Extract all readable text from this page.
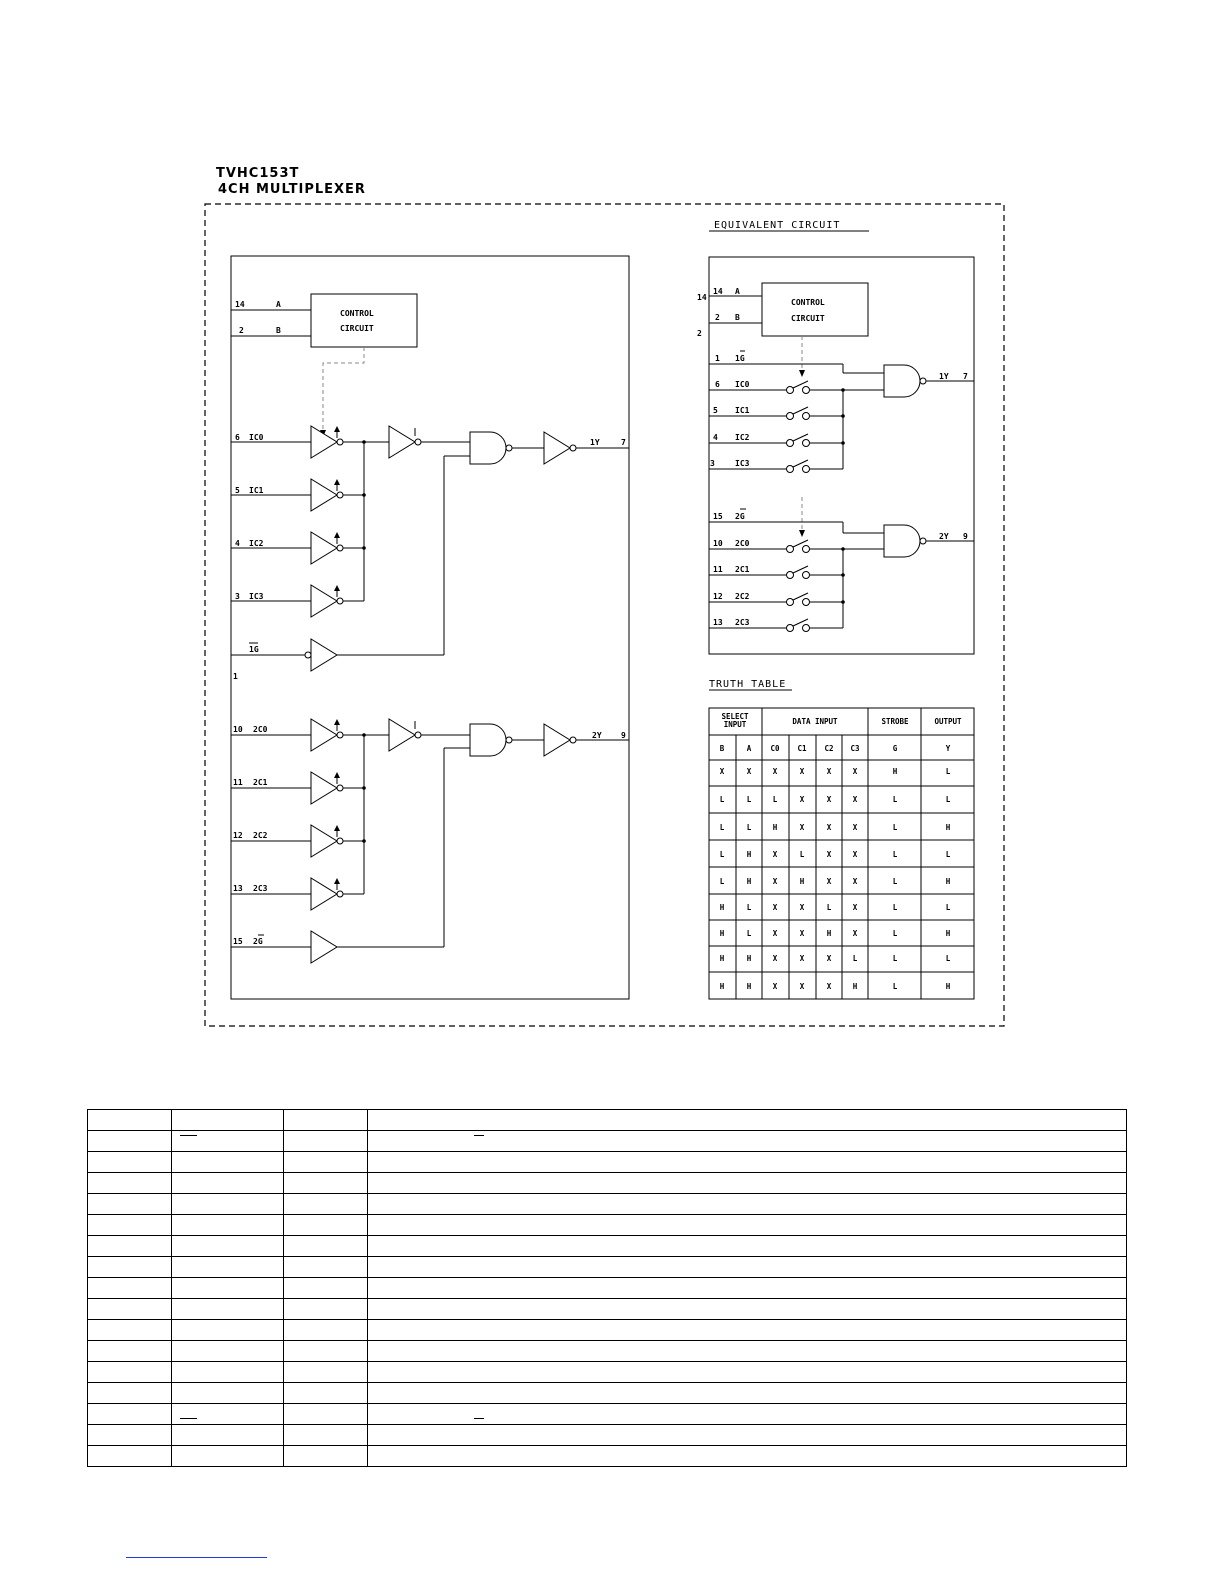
TVHC153T
4CH MULTIPLEXER
CONTROL
CIRCUIT
14	A
2	B
6 IC0
5 IC1
4 IC2
3 IC3
1Y	7
1G
1
10 2C0
11 2C1
12 2C2
13 2C3
2Y 9
15 2G
EQUIVALENT CIRCUIT
14
2
CONTROL
CIRCUIT
14 A
2 B
1 1G
6 IC0
5 IC1
4 IC2
3	IC3
1Y 7
15 2G
10 2C0
11 2C1
12 2C2
13 2C3
2Y 9
TRUTH TABLE
SELECT
INPUT	DATA INPUT	STROBE	OUTPUT
B	A	C0 C1 C2 C3	G	Y
X	X	X	X	X	X	H	L
L	L	L	X	X	X	L	L
L	L	H	X	X	X	L	H
L	H	X	L	X	X	L	L
L	H	X	H	X	X	L	H
H	L	X	X	L	X	L	L
H	L	X	X	H	X	L	H
H	H	X	X	X	L	L	L
H	H	X	X	X	H	L	H
